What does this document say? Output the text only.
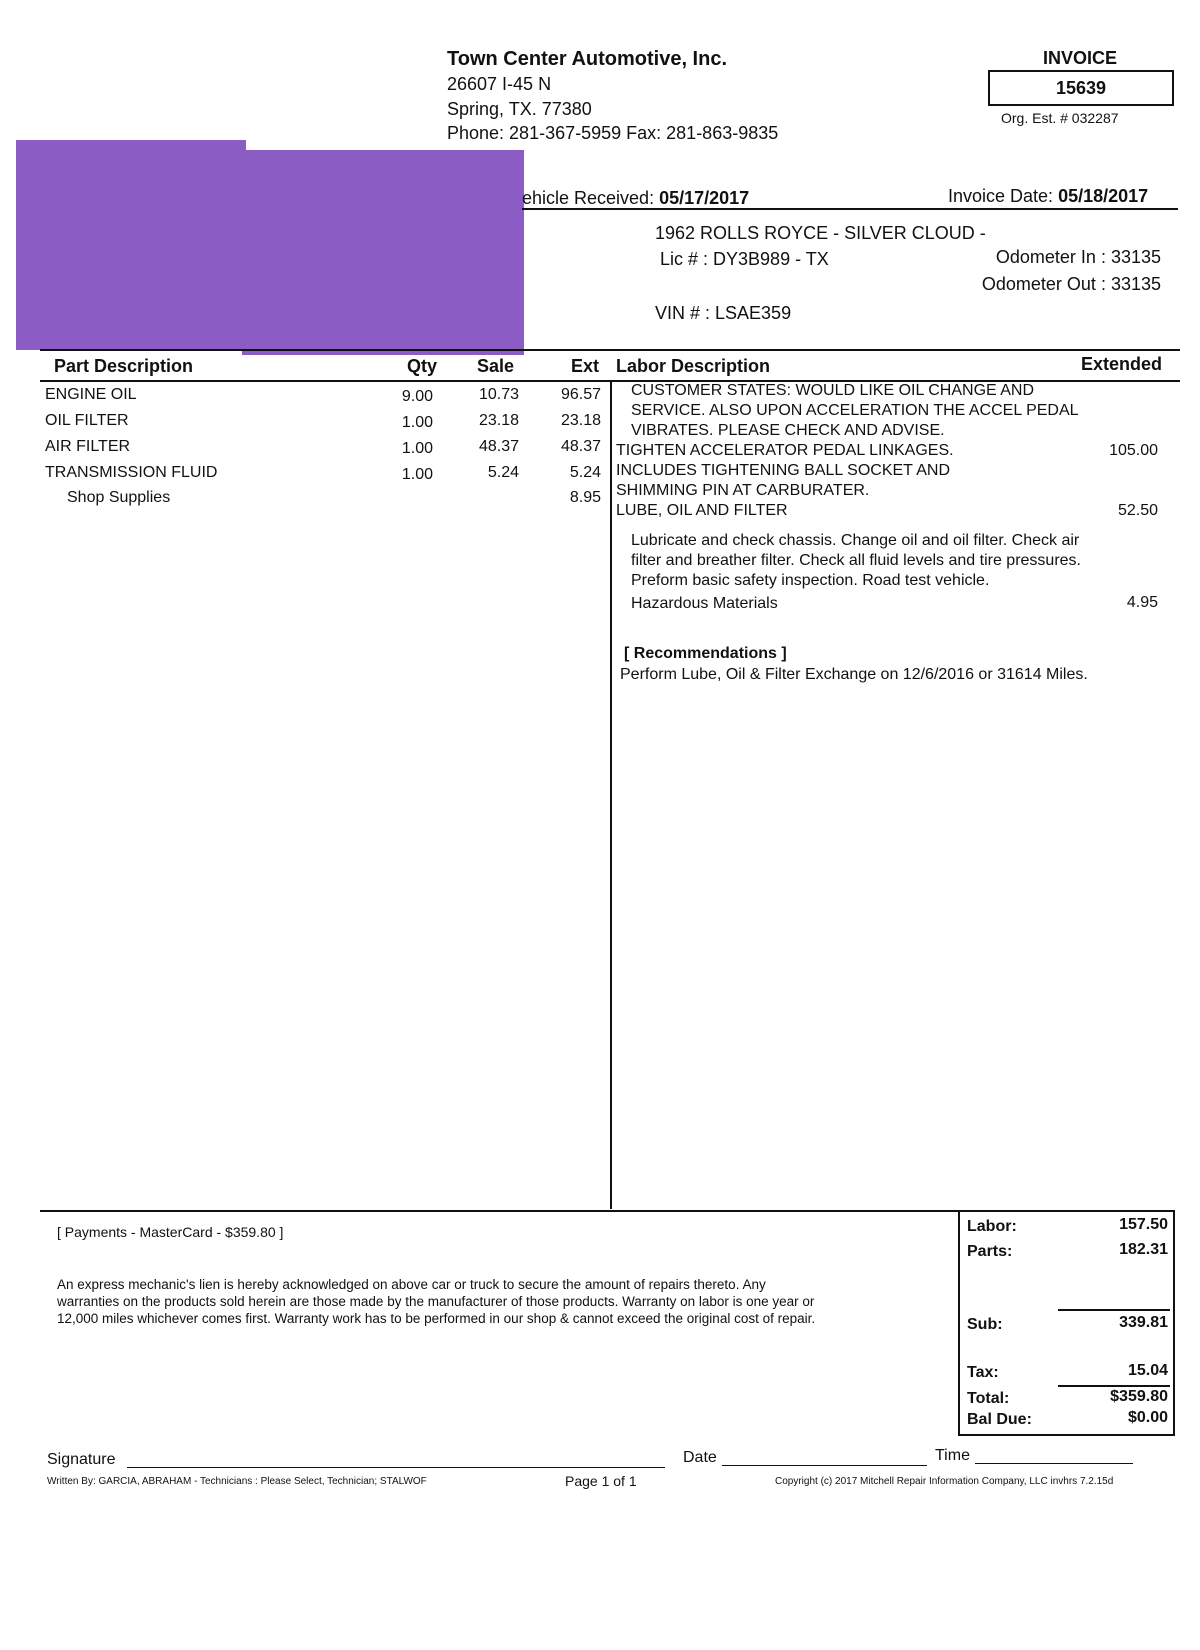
Town Center Automotive, Inc.
26607 I-45 N
Spring, TX. 77380
Phone: 281-367-5959 Fax: 281-863-9835
INVOICE
15639
Org. Est. # 032287
ehicle Received: 05/17/2017	Invoice Date: 05/18/2017
1962 ROLLS ROYCE - SILVER CLOUD -
Lic # : DY3B989 - TX	Odometer In : 33135
Odometer Out : 33135
VIN # : LSAE359
Part Description	Qty	Sale	Ext Labor Description	Extended
ENGINE OIL	9.00	10.73	96.57
OIL FILTER	1.00	23.18	23.18
AIR FILTER	1.00	48.37	48.37
TRANSMISSION FLUID	1.00	5.24	5.24
Shop Supplies	8.95
CUSTOMER STATES: WOULD LIKE OIL CHANGE AND
SERVICE. ALSO UPON ACCELERATION THE ACCEL PEDAL
VIBRATES. PLEASE CHECK AND ADVISE.
TIGHTEN ACCELERATOR PEDAL LINKAGES.	105.00
INCLUDES TIGHTENING BALL SOCKET AND
SHIMMING PIN AT CARBURATER.
LUBE, OIL AND FILTER	52.50
Lubricate and check chassis. Change oil and oil filter. Check air
filter and breather filter. Check all fluid levels and tire pressures.
Preform basic safety inspection. Road test vehicle.
Hazardous Materials	4.95
[ Recommendations ]
Perform Lube, Oil & Filter Exchange on 12/6/2016 or 31614 Miles.
[ Payments - MasterCard - $359.80 ]
An express mechanic's lien is hereby acknowledged on above car or truck to secure the amount of repairs thereto. Any
warranties on the products sold herein are those made by the manufacturer of those products. Warranty on labor is one year or
12,000 miles whichever comes first. Warranty work has to be performed in our shop & cannot exceed the original cost of repair.
Labor:	157.50
Parts:	182.31
Sub:	339.81
Tax:	15.04
Total:	$359.80
Bal Due:	$0.00
Signature	Date	Time
Written By: GARCIA, ABRAHAM - Technicians : Please Select, Technician; STALWOF	Page 1 of 1	Copyright (c) 2017 Mitchell Repair Information Company, LLC invhrs 7.2.15d
